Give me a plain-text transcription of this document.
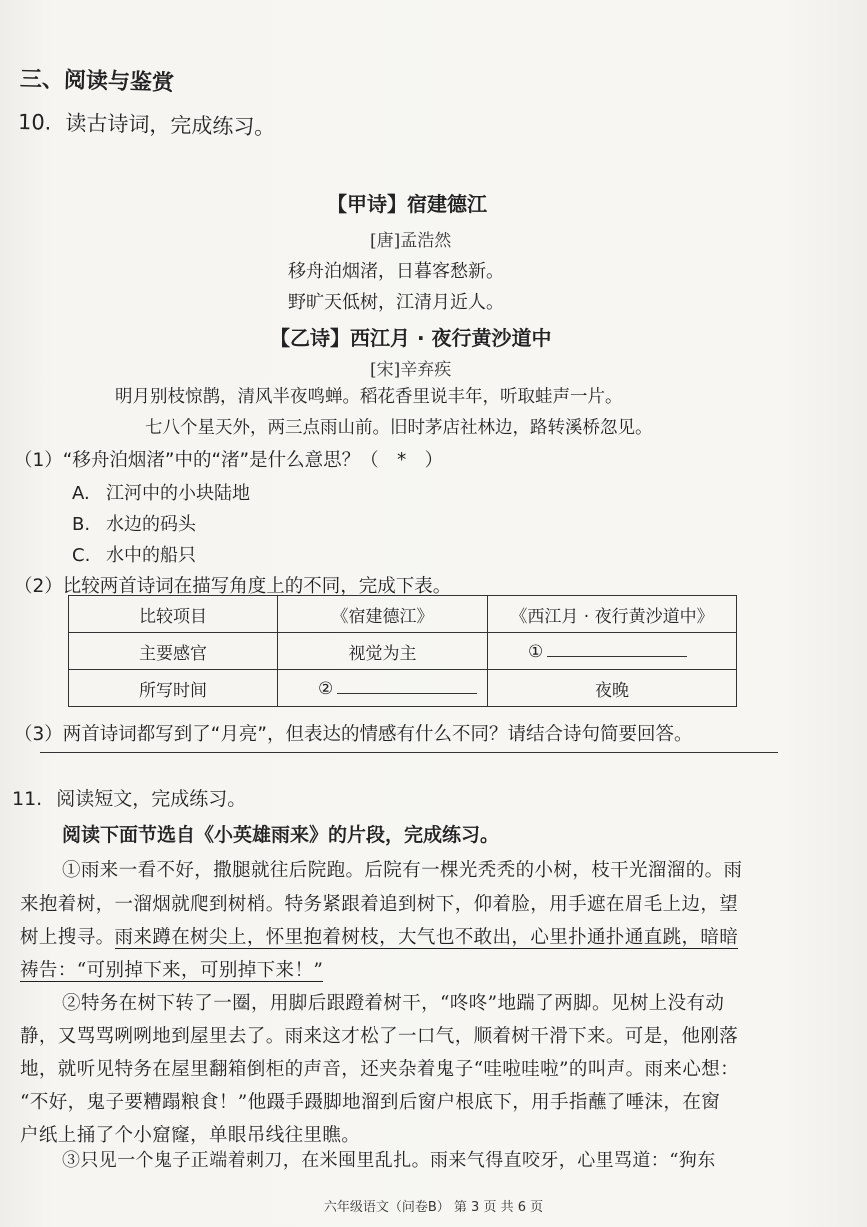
三、阅读与鉴赏
10. 读古诗词，完成练习。
【甲诗】宿建德江
[唐]孟浩然
移舟泊烟渚，日暮客愁新。
野旷天低树，江清月近人。
【乙诗】西江月 · 夜行黄沙道中
[宋]辛弃疾
明月别枝惊鹊，清风半夜鸣蝉。稻花香里说丰年，听取蛙声一片。
七八个星天外，两三点雨山前。旧时茅店社林边，路转溪桥忽见。
（1）“移舟泊烟渚”中的“渚”是什么意思？（ * ）
A. 江河中的小块陆地
B. 水边的码头
C. 水中的船只
（2）比较两首诗词在描写角度上的不同，完成下表。
比较项目	《宿建德江》	《西江月 · 夜行黄沙道中》
主要感官	视觉为主	①
所写时间	②	夜晚
（3）两首诗词都写到了“月亮”，但表达的情感有什么不同？请结合诗句简要回答。
11. 阅读短文，完成练习。
阅读下面节选自《小英雄雨来》的片段，完成练习。
①雨来一看不好，撒腿就往后院跑。后院有一棵光秃秃的小树，枝干光溜溜的。雨
来抱着树，一溜烟就爬到树梢。特务紧跟着追到树下，仰着脸，用手遮在眉毛上边，望
树上搜寻。雨来蹲在树尖上，怀里抱着树枝，大气也不敢出，心里扑通扑通直跳，暗暗
祷告：“可别掉下来，可别掉下来！”
②特务在树下转了一圈，用脚后跟蹬着树干，“咚咚”地踹了两脚。见树上没有动
静，又骂骂咧咧地到屋里去了。雨来这才松了一口气，顺着树干滑下来。可是，他刚落
地，就听见特务在屋里翻箱倒柜的声音，还夹杂着鬼子“哇啦哇啦”的叫声。雨来心想：
“不好，鬼子要糟蹋粮食！”他蹑手蹑脚地溜到后窗户根底下，用手指蘸了唾沫，在窗
户纸上捅了个小窟窿，单眼吊线往里瞧。
③只见一个鬼子正端着刺刀，在米囤里乱扎。雨来气得直咬牙，心里骂道：“狗东
六年级语文（问卷B） 第 3 页 共 6 页
